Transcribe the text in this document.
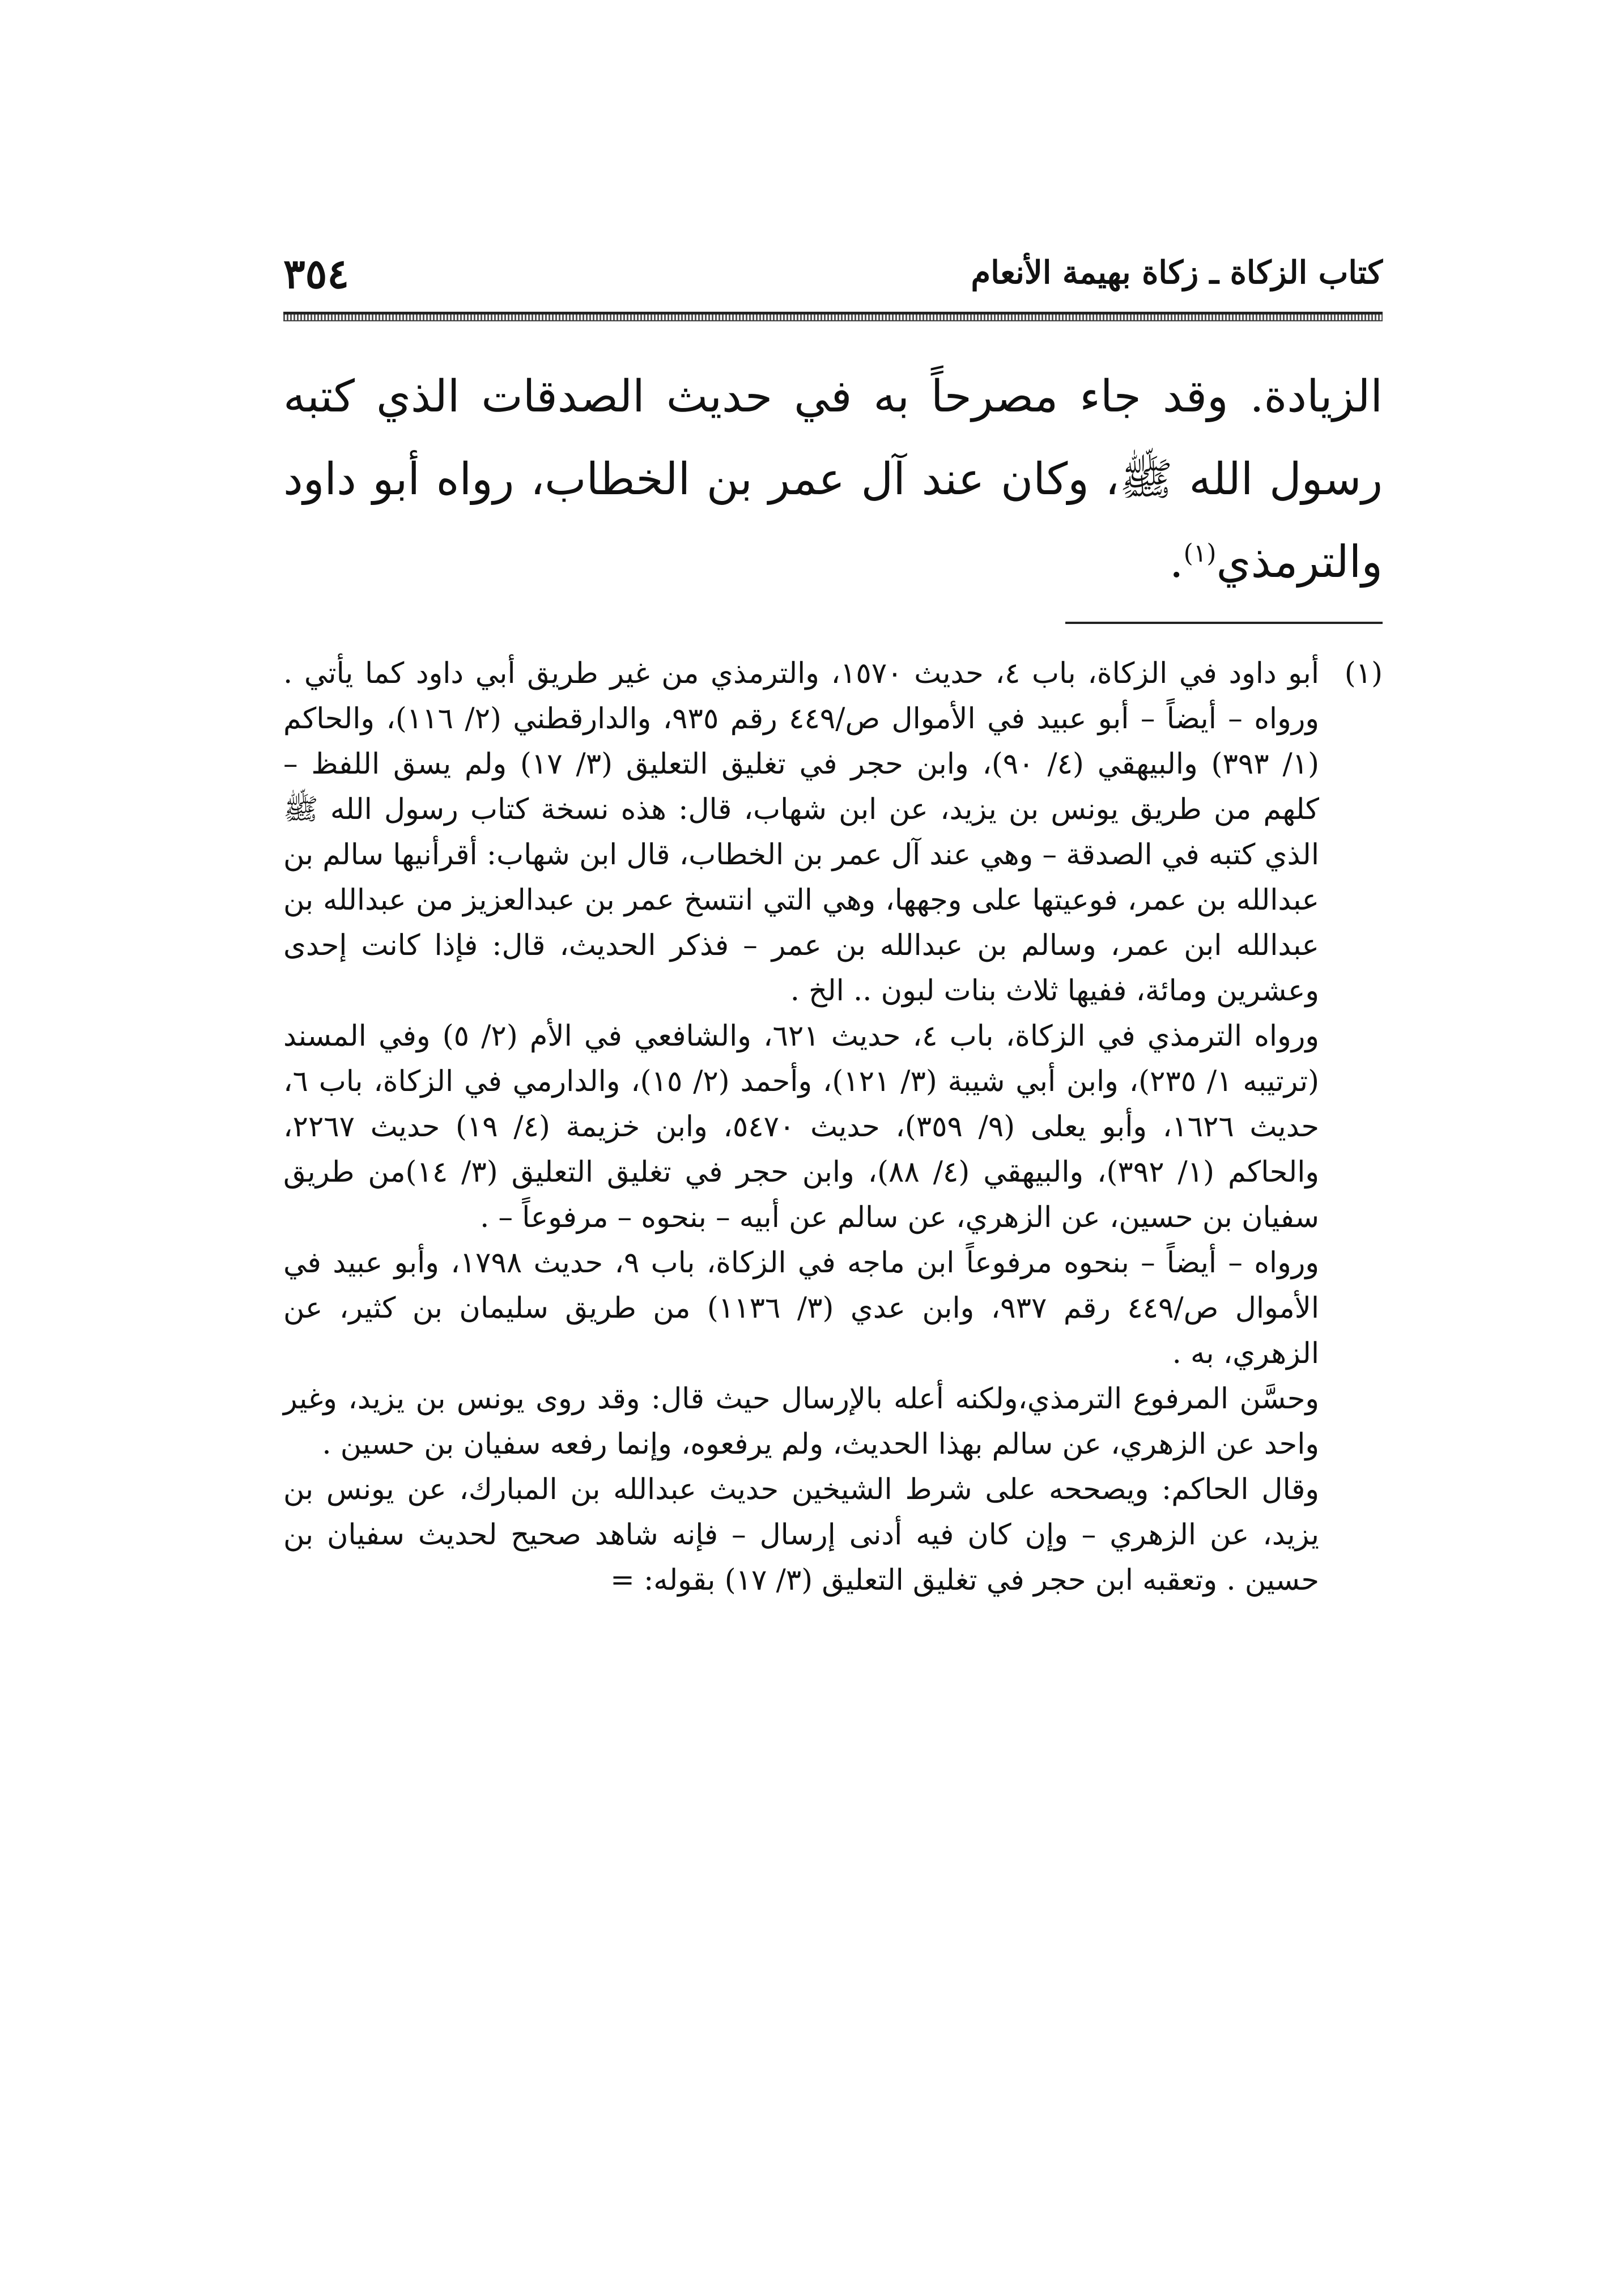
كتاب الزكاة ـ زكاة بهيمة الأنعام
٣٥٤

الزيادة. وقد جاء مصرحاً به في حديث الصدقات الذي كتبه رسول الله ﷺ، وكان عند آل عمر بن الخطاب، رواه أبو داود والترمذي$^{(١)}$.

(١)

أبو داود في الزكاة، باب ٤، حديث ١٥٧٠، والترمذي من غير طريق أبي داود كما يأتي . ورواه – أيضاً – أبو عبيد في الأموال ص/٤٤٩ رقم ٩٣٥، والدارقطني (٢/ ١١٦)، والحاكم (١/ ٣٩٣) والبيهقي (٤/ ٩٠)، وابن حجر في تغليق التعليق (٣/ ١٧) ولم يسق اللفظ – كلهم من طريق يونس بن يزيد، عن ابن شهاب، قال: هذه نسخة كتاب رسول الله ﷺ الذي كتبه في الصدقة – وهي عند آل عمر بن الخطاب، قال ابن شهاب: أقرأنيها سالم بن عبدالله بن عمر، فوعيتها على وجهها، وهي التي انتسخ عمر بن عبدالعزيز من عبدالله بن عبدالله ابن عمر، وسالم بن عبدالله بن عمر – فذكر الحديث، قال: فإذا كانت إحدى وعشرين ومائة، ففيها ثلاث بنات لبون .. الخ .

ورواه الترمذي في الزكاة، باب ٤، حديث ٦٢١، والشافعي في الأم (٢/ ٥) وفي المسند (ترتيبه ١/ ٢٣٥)، وابن أبي شيبة (٣/ ١٢١)، وأحمد (٢/ ١٥)، والدارمي في الزكاة، باب ٦، حديث ١٦٢٦، وأبو يعلى (٩/ ٣٥٩)، حديث ٥٤٧٠، وابن خزيمة (٤/ ١٩) حديث ٢٢٦٧، والحاكم (١/ ٣٩٢)، والبيهقي (٤/ ٨٨)، وابن حجر في تغليق التعليق (٣/ ١٤)من طريق سفيان بن حسين، عن الزهري، عن سالم عن أبيه – بنحوه – مرفوعاً – .

ورواه – أيضاً – بنحوه مرفوعاً ابن ماجه في الزكاة، باب ٩، حديث ١٧٩٨، وأبو عبيد في الأموال ص/٤٤٩ رقم ٩٣٧، وابن عدي (٣/ ١١٣٦) من طريق سليمان بن كثير، عن الزهري، به .

وحسَّن المرفوع الترمذي،ولكنه أعله بالإرسال حيث قال: وقد روى يونس بن يزيد، وغير واحد عن الزهري، عن سالم بهذا الحديث، ولم يرفعوه، وإنما رفعه سفيان بن حسين .

وقال الحاكم: ويصححه على شرط الشيخين حديث عبدالله بن المبارك، عن يونس بن يزيد، عن الزهري – وإن كان فيه أدنى إرسال – فإنه شاهد صحيح لحديث سفيان بن حسين . وتعقبه ابن حجر في تغليق التعليق (٣/ ١٧) بقوله: =
